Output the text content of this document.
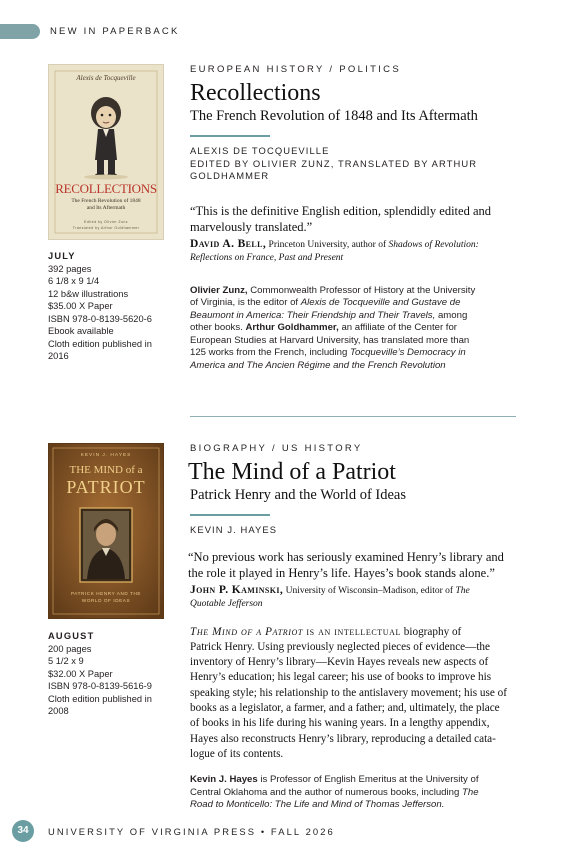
NEW IN PAPERBACK
Alexis de Tocqueville
RECOLLECTIONS
The French Revolution of 1848
and Its Aftermath
Edited by Olivier Zunz
Translated by Arthur Goldhammer
JULY
392 pages
6 1/8 x 9 1/4
12 b&w illustrations
$35.00 X Paper
ISBN 978-0-8139-5620-6
Ebook available
Cloth edition published in
2016
EUROPEAN HISTORY / POLITICS
Recollections
The French Revolution of 1848 and Its Aftermath
ALEXIS DE TOCQUEVILLE
EDITED BY OLIVIER ZUNZ, TRANSLATED BY ARTHUR
GOLDHAMMER
“This is the definitive English edition, splendidly edited and
marvelously translated.”
David A. Bell, Princeton University, author of Shadows of Revolution:
Reflections on France, Past and Present
Olivier Zunz, Commonwealth Professor of History at the University
of Virginia, is the editor of Alexis de Tocqueville and Gustave de
Beaumont in America: Their Friendship and Their Travels, among
other books. Arthur Goldhammer, an affiliate of the Center for
European Studies at Harvard University, has translated more than
125 works from the French, including Tocqueville’s Democracy in
America and The Ancien Régime and the French Revolution
KEVIN J. HAYES
THE MIND of a
PATRIOT
PATRICK HENRY AND THE
WORLD OF IDEAS
AUGUST
200 pages
5 1/2 x 9
$32.00 X Paper
ISBN 978-0-8139-5616-9
Cloth edition published in
2008
BIOGRAPHY / US HISTORY
The Mind of a Patriot
Patrick Henry and the World of Ideas
KEVIN J. HAYES
“No previous work has seriously examined Henry’s library and
the role it played in Henry’s life. Hayes’s book stands alone.”
John P. Kaminski, University of Wisconsin–Madison, editor of The
Quotable Jefferson
The Mind of a Patriot is an intellectual biography of
Patrick Henry. Using previously neglected pieces of evidence—the
inventory of Henry’s library—Kevin Hayes reveals new aspects of
Henry’s education; his legal career; his use of books to improve his
speaking style; his relationship to the antislavery movement; his use of
books as a legislator, a farmer, and a father; and, ultimately, the place
of books in his life during his waning years. In a lengthy appendix,
Hayes also reconstructs Henry’s library, reproducing a detailed cata-
logue of its contents.
Kevin J. Hayes is Professor of English Emeritus at the University of
Central Oklahoma and the author of numerous books, including The
Road to Monticello: The Life and Mind of Thomas Jefferson.
34	UNIVERSITY OF VIRGINIA PRESS • FALL 2026
